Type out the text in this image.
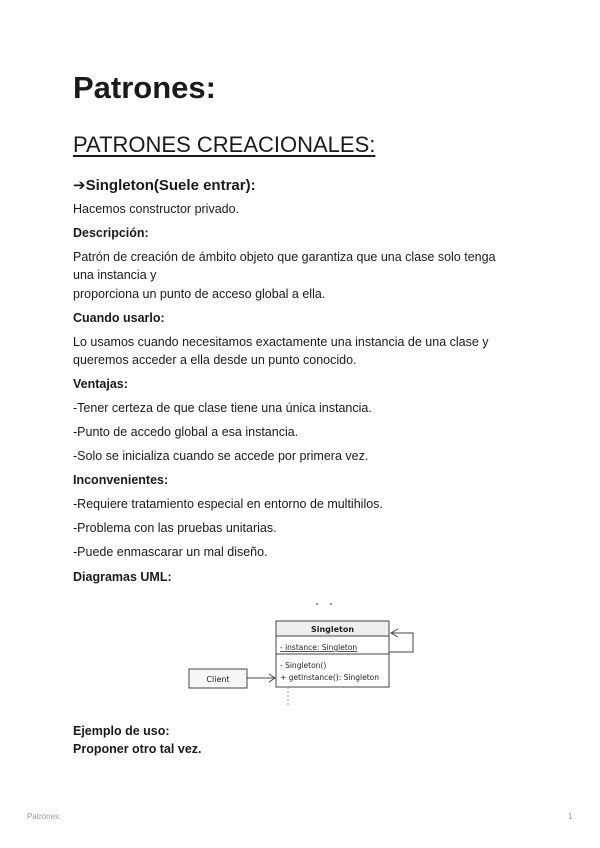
Patrones:
PATRONES CREACIONALES:
➔Singleton(Suele entrar):
Hacemos constructor privado.
Descripción:
Patrón de creación de ámbito objeto que garantiza que una clase solo tenga
una instancia y
proporciona un punto de acceso global a ella.
Cuando usarlo:
Lo usamos cuando necesitamos exactamente una instancia de una clase y
queremos acceder a ella desde un punto conocido.
Ventajas:
-Tener certeza de que clase tiene una única instancia.
-Punto de accedo global a esa instancia.
-Solo se inicializa cuando se accede por primera vez.
Inconvenientes:
-Requiere tratamiento especial en entorno de multihilos.
-Problema con las pruebas unitarias.
-Puede enmascarar un mal diseño.
Diagramas UML:
Singleton
- instance: Singleton
- Singleton()
+ getInstance(): Singleton
Client
Ejemplo de uso:
Proponer otro tal vez.
Patrones:	1
